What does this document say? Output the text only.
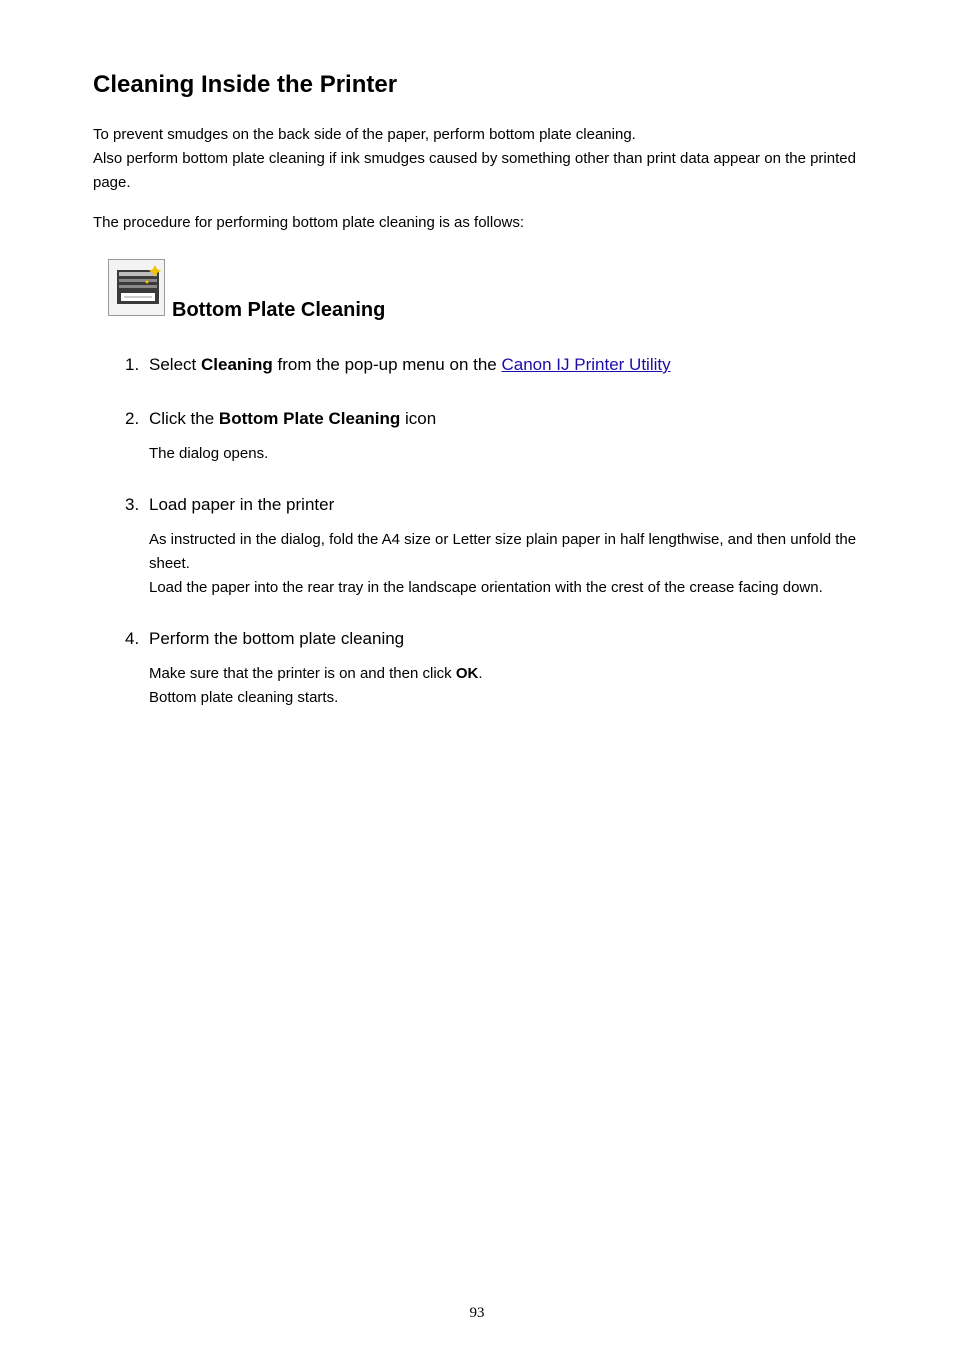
Cleaning Inside the Printer

To prevent smudges on the back side of the paper, perform bottom plate cleaning.

Also perform bottom plate cleaning if ink smudges caused by something other than print data appear on the printed page.

The procedure for performing bottom plate cleaning is as follows:

Bottom Plate Cleaning

1. Select Cleaning from the pop-up menu on the Canon IJ Printer Utility

2. Click the Bottom Plate Cleaning icon

The dialog opens.

3. Load paper in the printer

As instructed in the dialog, fold the A4 size or Letter size plain paper in half lengthwise, and then unfold the sheet.

Load the paper into the rear tray in the landscape orientation with the crest of the crease facing down.

4. Perform the bottom plate cleaning

Make sure that the printer is on and then click OK.

Bottom plate cleaning starts.

93
